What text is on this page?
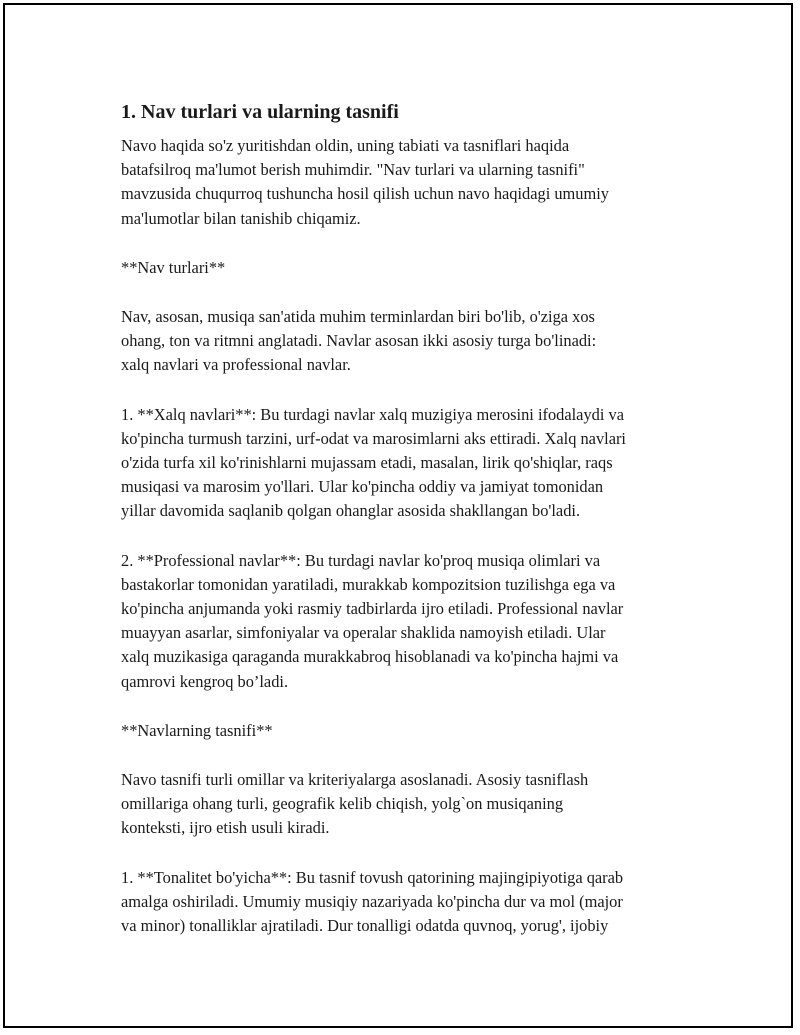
1. Nav turlari va ularning tasnifi
Navo haqida so'z yuritishdan oldin, uning tabiati va tasniflari haqida
batafsilroq ma'lumot berish muhimdir. "Nav turlari va ularning tasnifi"
mavzusida chuqurroq tushuncha hosil qilish uchun navo haqidagi umumiy
ma'lumotlar bilan tanishib chiqamiz.
**Nav turlari**
Nav, asosan, musiqa san'atida muhim terminlardan biri bo'lib, o'ziga xos
ohang, ton va ritmni anglatadi. Navlar asosan ikki asosiy turga bo'linadi:
xalq navlari va professional navlar.
1. **Xalq navlari**: Bu turdagi navlar xalq muzigiya merosini ifodalaydi va
ko'pincha turmush tarzini, urf-odat va marosimlarni aks ettiradi. Xalq navlari
o'zida turfa xil ko'rinishlarni mujassam etadi, masalan, lirik qo'shiqlar, raqs
musiqasi va marosim yo'llari. Ular ko'pincha oddiy va jamiyat tomonidan
yillar davomida saqlanib qolgan ohanglar asosida shakllangan bo'ladi.
2. **Professional navlar**: Bu turdagi navlar ko'proq musiqa olimlari va
bastakorlar tomonidan yaratiladi, murakkab kompozitsion tuzilishga ega va
ko'pincha anjumanda yoki rasmiy tadbirlarda ijro etiladi. Professional navlar
muayyan asarlar, simfoniyalar va operalar shaklida namoyish etiladi. Ular
xalq muzikasiga qaraganda murakkabroq hisoblanadi va ko'pincha hajmi va
qamrovi kengroq bo’ladi.
**Navlarning tasnifi**
Navo tasnifi turli omillar va kriteriyalarga asoslanadi. Asosiy tasniflash
omillariga ohang turli, geografik kelib chiqish, yolg`on musiqaning
konteksti, ijro etish usuli kiradi.
1. **Tonalitet bo'yicha**: Bu tasnif tovush qatorining majingipiyotiga qarab
amalga oshiriladi. Umumiy musiqiy nazariyada ko'pincha dur va mol (major
va minor) tonalliklar ajratiladi. Dur tonalligi odatda quvnoq, yorug', ijobiy
